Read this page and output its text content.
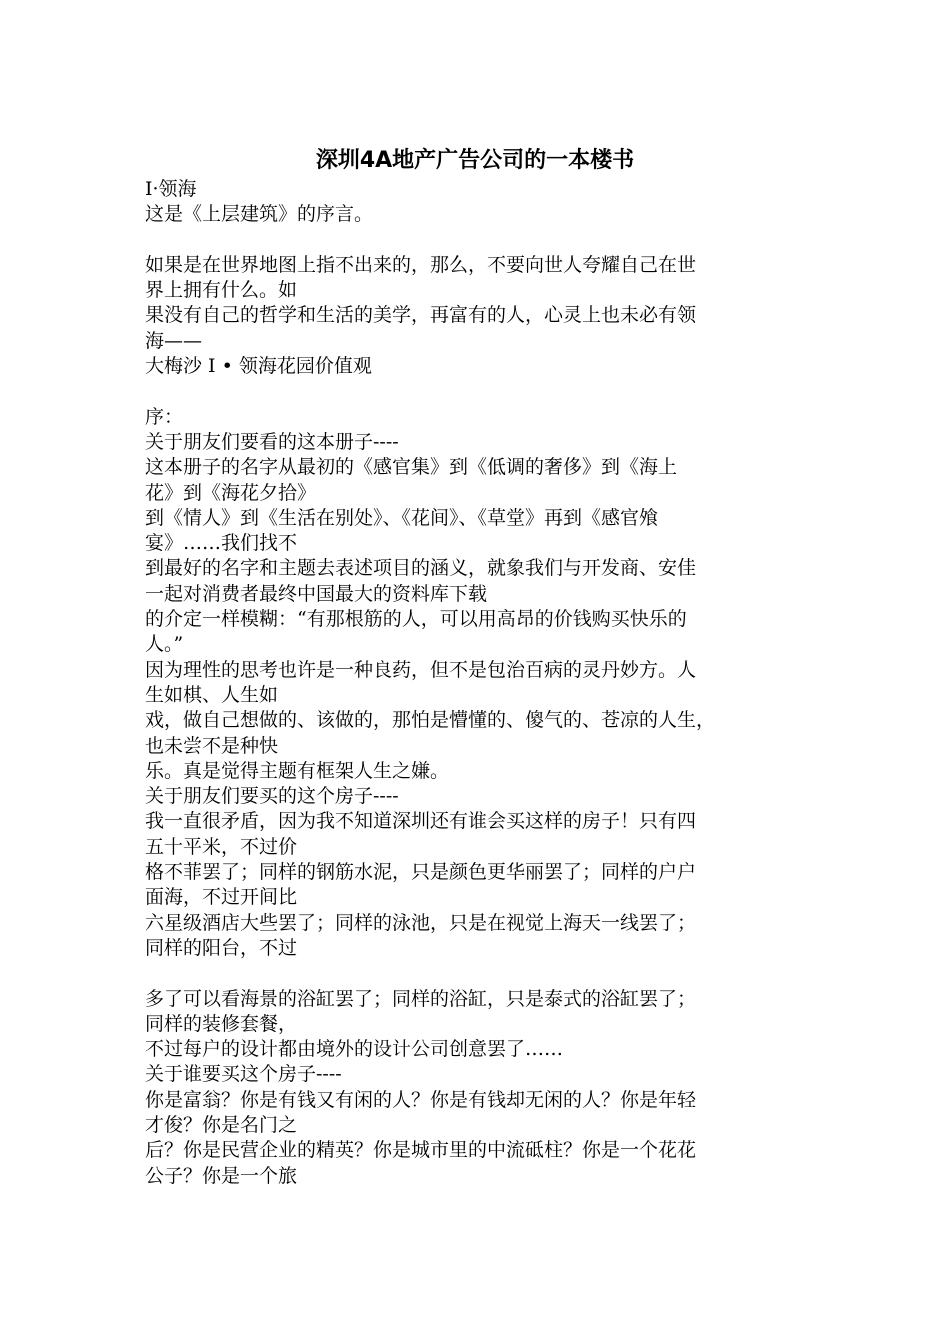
深圳4A地产广告公司的一本楼书
I·领海
这是《上层建筑》的序言。
如果是在世界地图上指不出来的，那么，不要向世人夸耀自己在世
界上拥有什么。如
果没有自己的哲学和生活的美学，再富有的人，心灵上也未必有领
海——
大梅沙 I • 领海花园价值观
序：
关于朋友们要看的这本册子----
这本册子的名字从最初的《感官集》到《低调的奢侈》到《海上
花》到《海花夕拾》
到《情人》到《生活在别处》、《花间》、《草堂》再到《感官飧
宴》……我们找不
到最好的名字和主题去表述项目的涵义，就象我们与开发商、安佳
一起对消费者最终中国最大的资料库下载
的介定一样模糊：“有那根筋的人，可以用高昂的价钱购买快乐的
人。”
因为理性的思考也许是一种良药，但不是包治百病的灵丹妙方。人
生如棋、人生如
戏，做自己想做的、该做的，那怕是懵懂的、傻气的、苍凉的人生，
也未尝不是种快
乐。真是觉得主题有框架人生之嫌。
关于朋友们要买的这个房子----
我一直很矛盾，因为我不知道深圳还有谁会买这样的房子！只有四
五十平米，不过价
格不菲罢了；同样的钢筋水泥，只是颜色更华丽罢了；同样的户户
面海，不过开间比
六星级酒店大些罢了；同样的泳池，只是在视觉上海天一线罢了；
同样的阳台，不过
多了可以看海景的浴缸罢了；同样的浴缸，只是泰式的浴缸罢了；
同样的装修套餐，
不过每户的设计都由境外的设计公司创意罢了……
关于谁要买这个房子----
你是富翁？你是有钱又有闲的人？你是有钱却无闲的人？你是年轻
才俊？你是名门之
后？你是民营企业的精英？你是城市里的中流砥柱？你是一个花花
公子？你是一个旅
